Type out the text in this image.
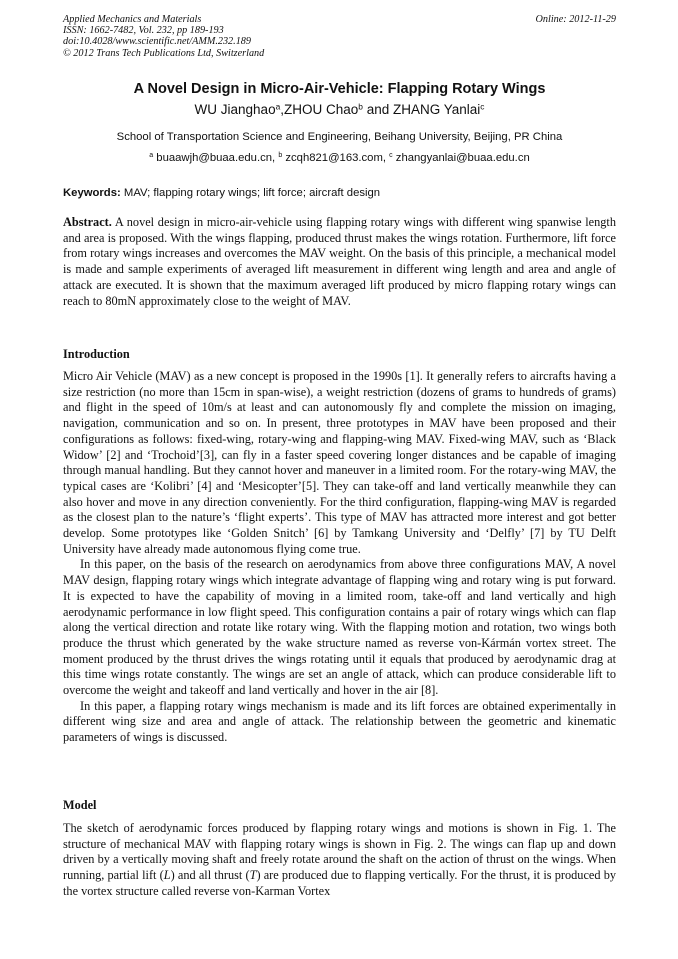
Applied Mechanics and Materials
ISSN: 1662-7482, Vol. 232, pp 189-193
doi:10.4028/www.scientific.net/AMM.232.189
© 2012 Trans Tech Publications Ltd, Switzerland
Online: 2012-11-29
A Novel Design in Micro-Air-Vehicle: Flapping Rotary Wings
WU Jianghao$^a$,ZHOU Chao$^b$ and ZHANG Yanlai$^c$
School of Transportation Science and Engineering, Beihang University, Beijing, PR China
$^a$ buaawjh@buaa.edu.cn, $^b$ zcqh821@163.com, $^c$ zhangyanlai@buaa.edu.cn
Keywords: MAV; flapping rotary wings; lift force; aircraft design
Abstract. A novel design in micro-air-vehicle using flapping rotary wings with different wing spanwise length and area is proposed. With the wings flapping, produced thrust makes the wings rotation. Furthermore, lift force from rotary wings increases and overcomes the MAV weight. On the basis of this principle, a mechanical model is made and sample experiments of averaged lift measurement in different wing length and area and angle of attack are executed. It is shown that the maximum averaged lift produced by micro flapping rotary wings can reach to 80mN approximately close to the weight of MAV.
Introduction

Micro Air Vehicle (MAV) as a new concept is proposed in the 1990s [1]. It generally refers to aircrafts having a size restriction (no more than 15cm in span-wise), a weight restriction (dozens of grams to hundreds of grams) and flight in the speed of 10m/s at least and can autonomously fly and complete the mission on imaging, navigation, communication and so on. In present, three prototypes in MAV have been proposed and their configurations as follows: fixed-wing, rotary-wing and flapping-wing MAV. Fixed-wing MAV, such as ‘Black Widow’ [2] and ‘Trochoid’[3], can fly in a faster speed covering longer distances and be capable of imaging through manual handling. But they cannot hover and maneuver in a limited room. For the rotary-wing MAV, the typical cases are ‘Kolibri’ [4] and ‘Mesicopter’[5]. They can take-off and land vertically meanwhile they can also hover and move in any direction conveniently. For the third configuration, flapping-wing MAV is regarded as the closest plan to the nature’s ‘flight experts’. This type of MAV has attracted more interest and got better develop. Some prototypes like ‘Golden Snitch’ [6] by Tamkang University and ‘Delfly’ [7] by TU Delft University have already made autonomous flying come true.

In this paper, on the basis of the research on aerodynamics from above three configurations MAV, A novel MAV design, flapping rotary wings which integrate advantage of flapping wing and rotary wing is put forward. It is expected to have the capability of moving in a limited room, take-off and land vertically and high aerodynamic performance in low flight speed. This configuration contains a pair of rotary wings which can flap along the vertical direction and rotate like rotary wing. With the flapping motion and rotation, two wings both produce the thrust which generated by the wake structure named as reverse von-Kármán vortex street. The moment produced by the thrust drives the wings rotating until it equals that produced by aerodynamic drag at this time wings rotate constantly. The wings are set an angle of attack, which can produce considerable lift to overcome the weight and takeoff and land vertically and hover in the air [8].

In this paper, a flapping rotary wings mechanism is made and its lift forces are obtained experimentally in different wing size and area and angle of attack. The relationship between the geometric and kinematic parameters of wings is discussed.

Model

The sketch of aerodynamic forces produced by flapping rotary wings and motions is shown in Fig. 1. The structure of mechanical MAV with flapping rotary wings is shown in Fig. 2. The wings can flap up and down driven by a vertically moving shaft and freely rotate around the shaft on the action of thrust on the wings. When running, partial lift (L) and all thrust (T) are produced due to flapping vertically. For the thrust, it is produced by the vortex structure called reverse von-Karman Vortex
